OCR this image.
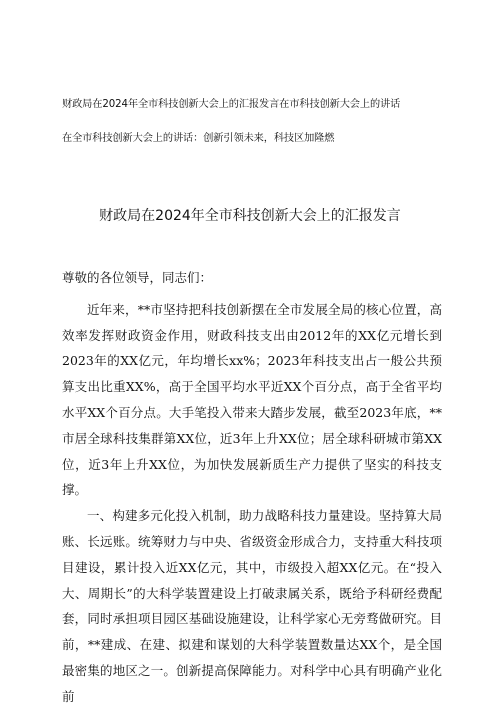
财政局在2024年全市科技创新大会上的汇报发言在市科技创新大会上的讲话
在全市科技创新大会上的讲话：创新引领未来，科技区加隆燃
财政局在2024年全市科技创新大会上的汇报发言

尊敬的各位领导，同志们：

近年来，**市坚持把科技创新摆在全市发展全局的核心位置，高效率发挥财政资金作用，财政科技支出由2012年的XX亿元增长到2023年的XX亿元，年均增长xx%；2023年科技支出占一般公共预算支出比重XX%，高于全国平均水平近XX个百分点，高于全省平均水平XX个百分点。大手笔投入带来大踏步发展，截至2023年底，**市居全球科技集群第XX位，近3年上升XX位；居全球科研城市第XX位，近3年上升XX位，为加快发展新质生产力提供了坚实的科技支撑。

一、构建多元化投入机制，助力战略科技力量建设。坚持算大局账、长远账。统筹财力与中央、省级资金形成合力，支持重大科技项目建设，累计投入近XX亿元，其中，市级投入超XX亿元。在“投入大、周期长”的大科学装置建设上打破隶属关系，既给予科研经费配套，同时承担项目园区基础设施建设，让科学家心无旁骛做研究。目前，**建成、在建、拟建和谋划的大科学装置数量达XX个，是全国最密集的地区之一。创新提高保障能力。对科学中心具有明确产业化前
